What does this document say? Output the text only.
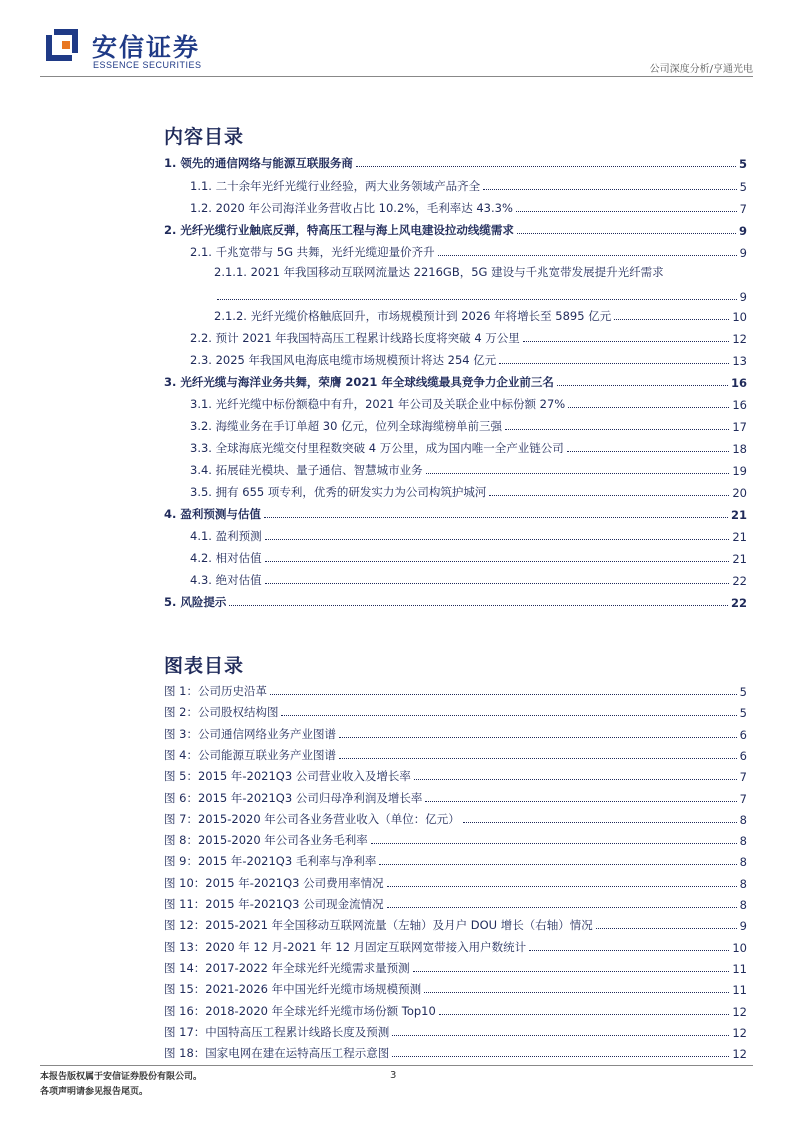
安信证券
ESSENCE SECURITIES	公司深度分析/亨通光电
内容目录
1. 领先的通信网络与能源互联服务商	5
1.1. 二十余年光纤光缆行业经验，两大业务领域产品齐全	5
1.2. 2020 年公司海洋业务营收占比 10.2%，毛利率达 43.3%	7
2. 光纤光缆行业触底反弹，特高压工程与海上风电建设拉动线缆需求	9
2.1. 千兆宽带与 5G 共舞，光纤光缆迎量价齐升	9
2.1.1. 2021 年我国移动互联网流量达 2216GB，5G 建设与千兆宽带发展提升光纤需求
9
2.1.2. 光纤光缆价格触底回升，市场规模预计到 2026 年将增长至 5895 亿元	10
2.2. 预计 2021 年我国特高压工程累计线路长度将突破 4 万公里	12
2.3. 2025 年我国风电海底电缆市场规模预计将达 254 亿元	13
3. 光纤光缆与海洋业务共舞，荣膺 2021 年全球线缆最具竞争力企业前三名	16
3.1. 光纤光缆中标份额稳中有升，2021 年公司及关联企业中标份额 27%	16
3.2. 海缆业务在手订单超 30 亿元，位列全球海缆榜单前三强	17
3.3. 全球海底光缆交付里程数突破 4 万公里，成为国内唯一全产业链公司	18
3.4. 拓展硅光模块、量子通信、智慧城市业务	19
3.5. 拥有 655 项专利，优秀的研发实力为公司构筑护城河	20
4. 盈利预测与估值	21
4.1. 盈利预测	21
4.2. 相对估值	21
4.3. 绝对估值	22
5. 风险提示	22
图表目录
图 1：公司历史沿革	5
图 2：公司股权结构图	5
图 3：公司通信网络业务产业图谱	6
图 4：公司能源互联业务产业图谱	6
图 5：2015 年-2021Q3 公司营业收入及增长率	7
图 6：2015 年-2021Q3 公司归母净利润及增长率	7
图 7：2015-2020 年公司各业务营业收入（单位：亿元）	8
图 8：2015-2020 年公司各业务毛利率	8
图 9：2015 年-2021Q3 毛利率与净利率	8
图 10：2015 年-2021Q3 公司费用率情况	8
图 11：2015 年-2021Q3 公司现金流情况	8
图 12：2015-2021 年全国移动互联网流量（左轴）及月户 DOU 增长（右轴）情况	9
图 13：2020 年 12 月-2021 年 12 月固定互联网宽带接入用户数统计	10
图 14：2017-2022 年全球光纤光缆需求量预测	11
图 15：2021-2026 年中国光纤光缆市场规模预测	11
图 16：2018-2020 年全球光纤光缆市场份额 Top10	12
图 17：中国特高压工程累计线路长度及预测	12
图 18：国家电网在建在运特高压工程示意图	12
本报告版权属于安信证券股份有限公司。
各项声明请参见报告尾页。
3
